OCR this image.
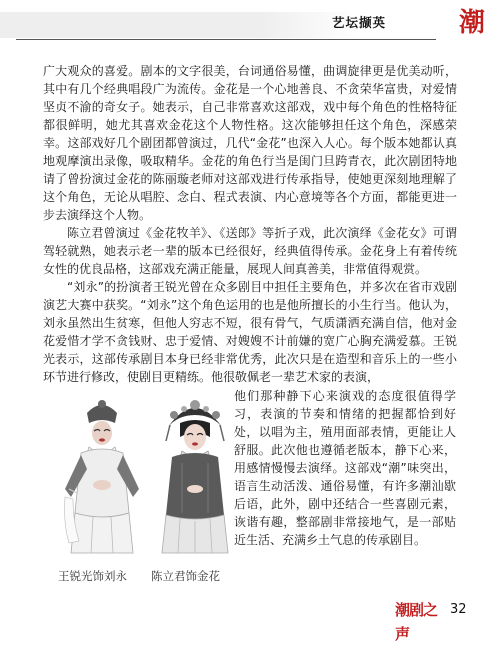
艺坛撷英	潮

广大观众的喜爱。剧本的文字很美，台词通俗易懂，曲调旋律更是优美动听，其中有几个经典唱段广为流传。金花是一个心地善良、不贪荣华富贵，对爱情坚贞不渝的奇女子。她表示，自己非常喜欢这部戏，戏中每个角色的性格特征都很鲜明，她尤其喜欢金花这个人物性格。这次能够担任这个角色，深感荣幸。这部戏好几个剧团都曾演过，几代“金花”也深入人心。每个版本她都认真地观摩演出录像，吸取精华。金花的角色行当是闺门旦跨青衣，此次剧团特地请了曾扮演过金花的陈丽璇老师对这部戏进行传承指导，使她更深刻地理解了这个角色，无论从唱腔、念白、程式表演、内心意境等各个方面，都能更进一步去演绎这个人物。

陈立君曾演过《金花牧羊》、《送郎》等折子戏，此次演绎《金花女》可谓驾轻就熟，她表示老一辈的版本已经很好，经典值得传承。金花身上有着传统女性的优良品格，这部戏充满正能量，展现人间真善美，非常值得观赏。

“刘永”的扮演者王锐光曾在众多剧目中担任主要角色，并多次在省市戏剧演艺大赛中获奖。“刘永”这个角色运用的也是他所擅长的小生行当。他认为，刘永虽然出生贫寒，但他人穷志不短，很有骨气，气质潇洒充满自信，他对金花爱惜才学不贪钱财、忠于爱情、对嫂嫂不计前嫌的宽广心胸充满爱慕。王锐光表示，这部传承剧目本身已经非常优秀，此次只是在造型和音乐上的一些小环节进行修改，使剧目更精练。他很敬佩老一辈艺术家的表演，

他们那种静下心来演戏的态度很值得学习，表演的节奏和情绪的把握都恰到好处，以唱为主，殖用面部表情，更能让人舒服。此次他也遵循老版本，静下心来，用感情慢慢去演绎。这部戏“潮”味突出，语言生动活泼、通俗易懂，有许多潮汕歇后语，此外，剧中还结合一些喜剧元素，诙谐有趣，整部剧非常接地气，是一部贴近生活、充满乡土气息的传承剧目。

王锐光饰刘永 陈立君饰金花
潮剧之声
32
